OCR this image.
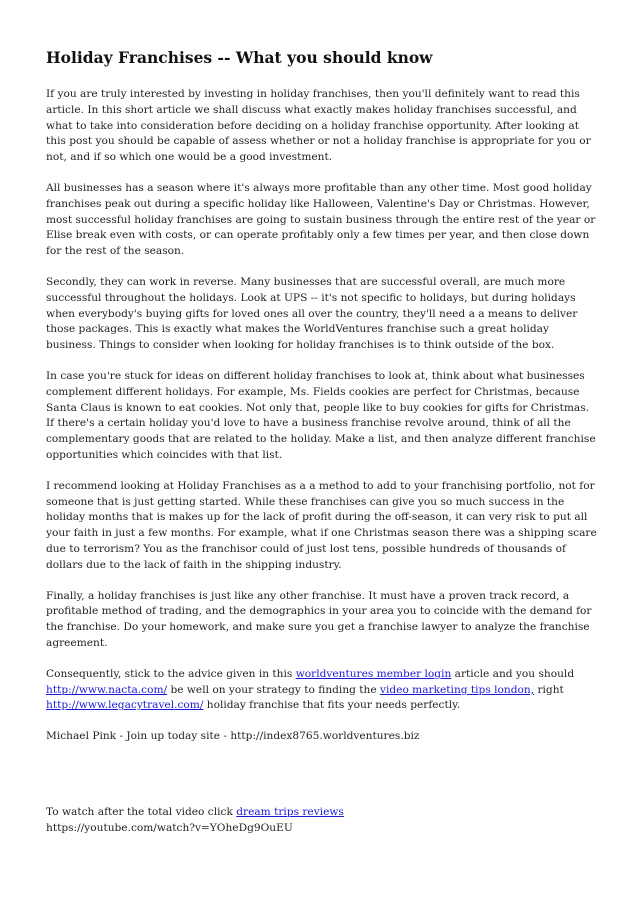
Holiday Franchises -- What you should know

If you are truly interested by investing in holiday franchises, then you'll definitely want to read this article. In this short article we shall discuss what exactly makes holiday franchises successful, and what to take into consideration before deciding on a holiday franchise opportunity. After looking at this post you should be capable of assess whether or not a holiday franchise is appropriate for you or not, and if so which one would be a good investment.

All businesses has a season where it's always more profitable than any other time. Most good holiday franchises peak out during a specific holiday like Halloween, Valentine's Day or Christmas. However, most successful holiday franchises are going to sustain business through the entire rest of the year or Elise break even with costs, or can operate profitably only a few times per year, and then close down for the rest of the season.

Secondly, they can work in reverse. Many businesses that are successful overall, are much more successful throughout the holidays. Look at UPS -- it's not specific to holidays, but during holidays when everybody's buying gifts for loved ones all over the country, they'll need a a means to deliver those packages. This is exactly what makes the WorldVentures franchise such a great holiday business. Things to consider when looking for holiday franchises is to think outside of the box.

In case you're stuck for ideas on different holiday franchises to look at, think about what businesses complement different holidays. For example, Ms. Fields cookies are perfect for Christmas, because Santa Claus is known to eat cookies. Not only that, people like to buy cookies for gifts for Christmas. If there's a certain holiday you'd love to have a business franchise revolve around, think of all the complementary goods that are related to the holiday. Make a list, and then analyze different franchise opportunities which coincides with that list.

I recommend looking at Holiday Franchises as a a method to add to your franchising portfolio, not for someone that is just getting started. While these franchises can give you so much success in the holiday months that is makes up for the lack of profit during the off-season, it can very risk to put all your faith in just a few months. For example, what if one Christmas season there was a shipping scare due to terrorism? You as the franchisor could of just lost tens, possible hundreds of thousands of dollars due to the lack of faith in the shipping industry.

Finally, a holiday franchises is just like any other franchise. It must have a proven track record, a profitable method of trading, and the demographics in your area you to coincide with the demand for the franchise. Do your homework, and make sure you get a franchise lawyer to analyze the franchise agreement.

Consequently, stick to the advice given in this worldventures member login article and you should http://www.nacta.com/ be well on your strategy to finding the video marketing tips london, right http://www.legacytravel.com/ holiday franchise that fits your needs perfectly.

Michael Pink - Join up today site - http://index8765.worldventures.biz

To watch after the total video click dream trips reviews
https://youtube.com/watch?v=YOheDg9OuEU
